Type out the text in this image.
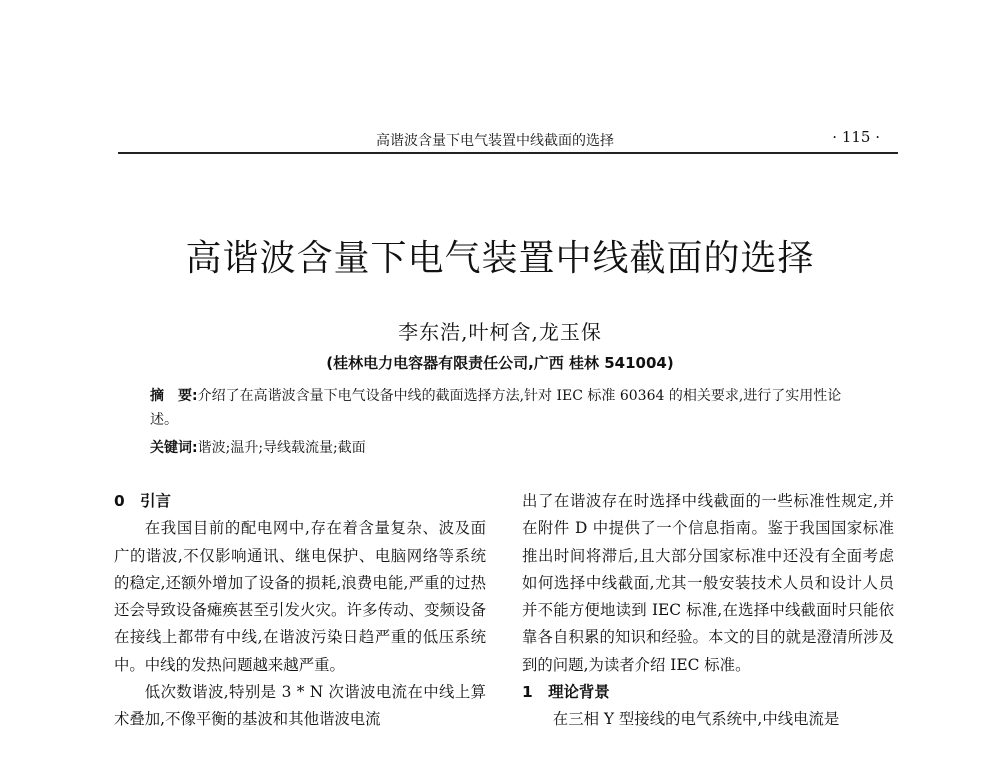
高谐波含量下电气装置中线截面的选择	· 115 ·
高谐波含量下电气装置中线截面的选择
李东浩,叶柯含,龙玉保
(桂林电力电容器有限责任公司,广西 桂林 541004)
摘　要:介绍了在高谐波含量下电气设备中线的截面选择方法,针对 IEC 标准 60364 的相关要求,进行了实用性论述。
关键词:谐波;温升;导线载流量;截面

0　引言

在我国目前的配电网中,存在着含量复杂、波及面广的谐波,不仅影响通讯、继电保护、电脑网络等系统的稳定,还额外增加了设备的损耗,浪费电能,严重的过热还会导致设备瘫痪甚至引发火灾。许多传动、变频设备在接线上都带有中线,在谐波污染日趋严重的低压系统中。中线的发热问题越来越严重。

低次数谐波,特别是 3 * N 次谐波电流在中线上算术叠加,不像平衡的基波和其他谐波电流

出了在谐波存在时选择中线截面的一些标准性规定,并在附件 D 中提供了一个信息指南。鉴于我国国家标准推出时间将滞后,且大部分国家标准中还没有全面考虑如何选择中线截面,尤其一般安装技术人员和设计人员并不能方便地读到 IEC 标准,在选择中线截面时只能依靠各自积累的知识和经验。本文的目的就是澄清所涉及到的问题,为读者介绍 IEC 标准。

1　理论背景

在三相 Y 型接线的电气系统中,中线电流是
